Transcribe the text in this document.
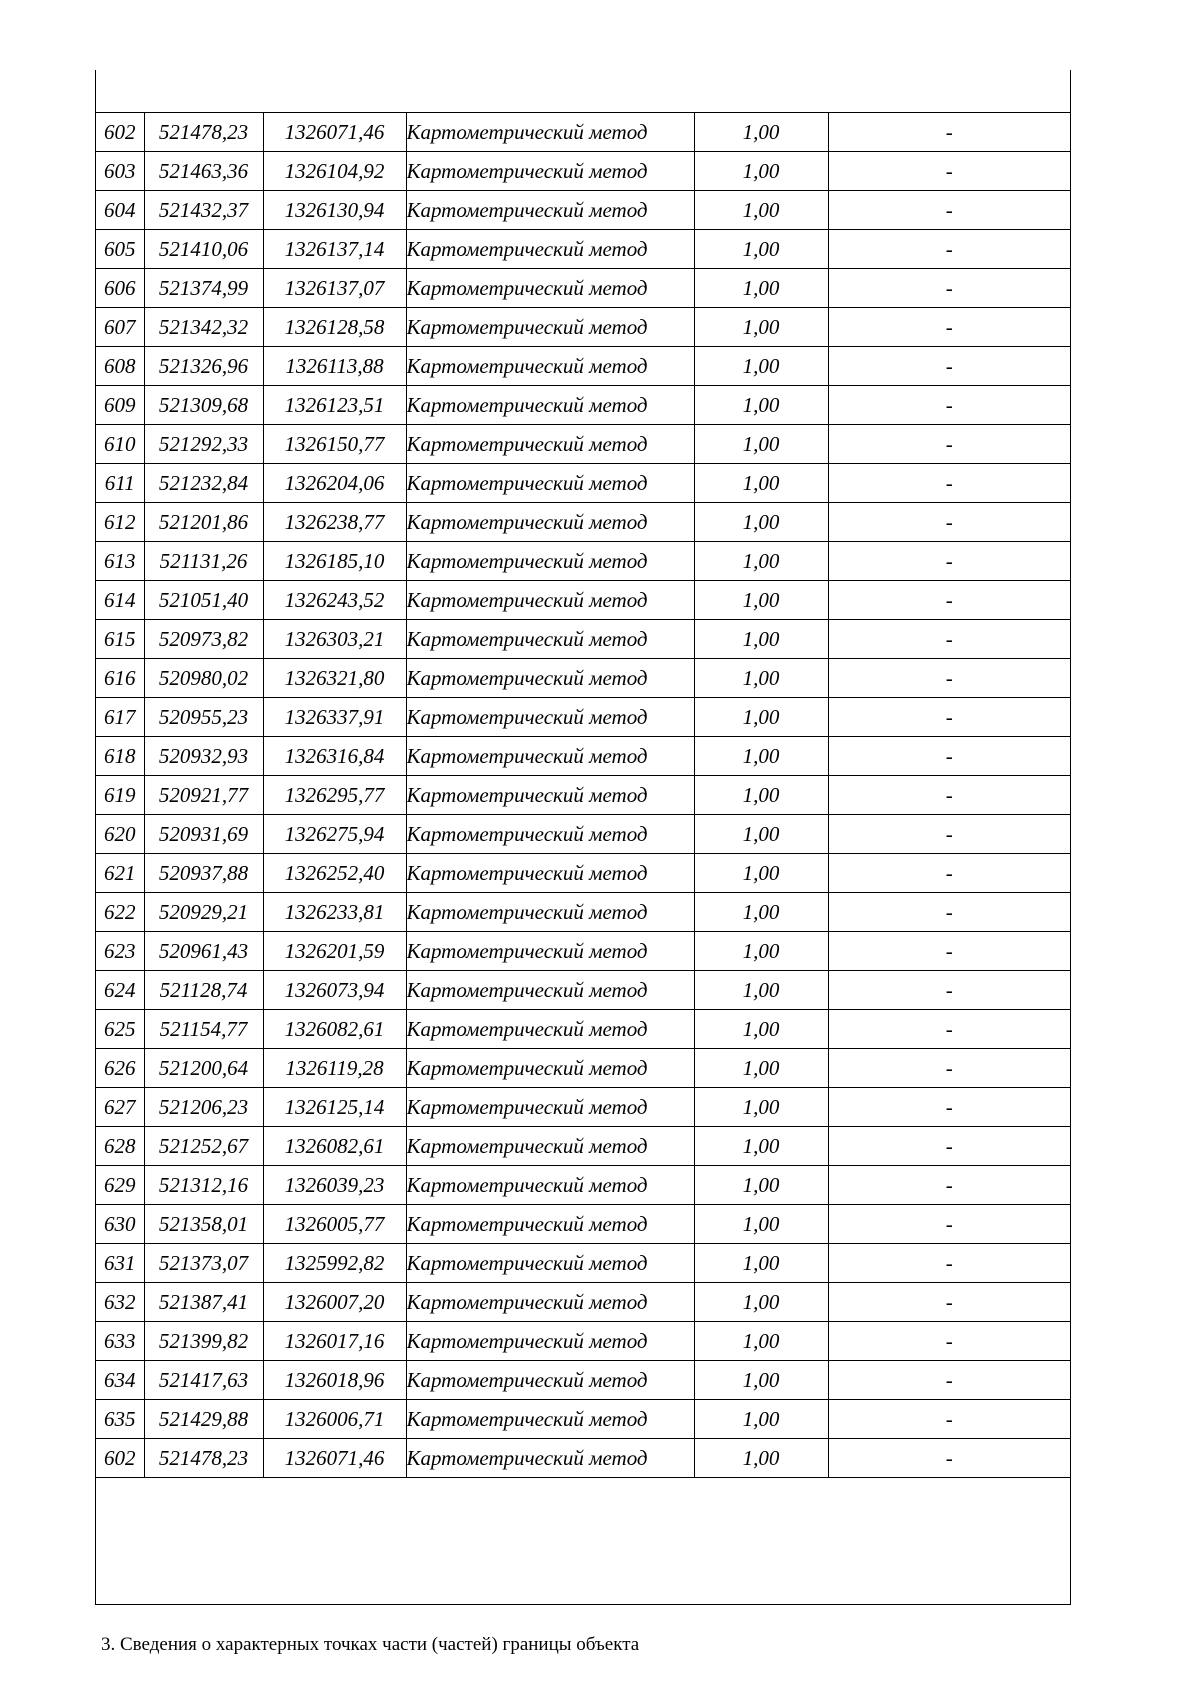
602	521478,23	1326071,46	Картометрический метод	1,00	-
603	521463,36	1326104,92	Картометрический метод	1,00	-
604	521432,37	1326130,94	Картометрический метод	1,00	-
605	521410,06	1326137,14	Картометрический метод	1,00	-
606	521374,99	1326137,07	Картометрический метод	1,00	-
607	521342,32	1326128,58	Картометрический метод	1,00	-
608	521326,96	1326113,88	Картометрический метод	1,00	-
609	521309,68	1326123,51	Картометрический метод	1,00	-
610	521292,33	1326150,77	Картометрический метод	1,00	-
611	521232,84	1326204,06	Картометрический метод	1,00	-
612	521201,86	1326238,77	Картометрический метод	1,00	-
613	521131,26	1326185,10	Картометрический метод	1,00	-
614	521051,40	1326243,52	Картометрический метод	1,00	-
615	520973,82	1326303,21	Картометрический метод	1,00	-
616	520980,02	1326321,80	Картометрический метод	1,00	-
617	520955,23	1326337,91	Картометрический метод	1,00	-
618	520932,93	1326316,84	Картометрический метод	1,00	-
619	520921,77	1326295,77	Картометрический метод	1,00	-
620	520931,69	1326275,94	Картометрический метод	1,00	-
621	520937,88	1326252,40	Картометрический метод	1,00	-
622	520929,21	1326233,81	Картометрический метод	1,00	-
623	520961,43	1326201,59	Картометрический метод	1,00	-
624	521128,74	1326073,94	Картометрический метод	1,00	-
625	521154,77	1326082,61	Картометрический метод	1,00	-
626	521200,64	1326119,28	Картометрический метод	1,00	-
627	521206,23	1326125,14	Картометрический метод	1,00	-
628	521252,67	1326082,61	Картометрический метод	1,00	-
629	521312,16	1326039,23	Картометрический метод	1,00	-
630	521358,01	1326005,77	Картометрический метод	1,00	-
631	521373,07	1325992,82	Картометрический метод	1,00	-
632	521387,41	1326007,20	Картометрический метод	1,00	-
633	521399,82	1326017,16	Картометрический метод	1,00	-
634	521417,63	1326018,96	Картометрический метод	1,00	-
635	521429,88	1326006,71	Картометрический метод	1,00	-
602	521478,23	1326071,46	Картометрический метод	1,00	-
3. Сведения о характерных точках части (частей) границы объекта
